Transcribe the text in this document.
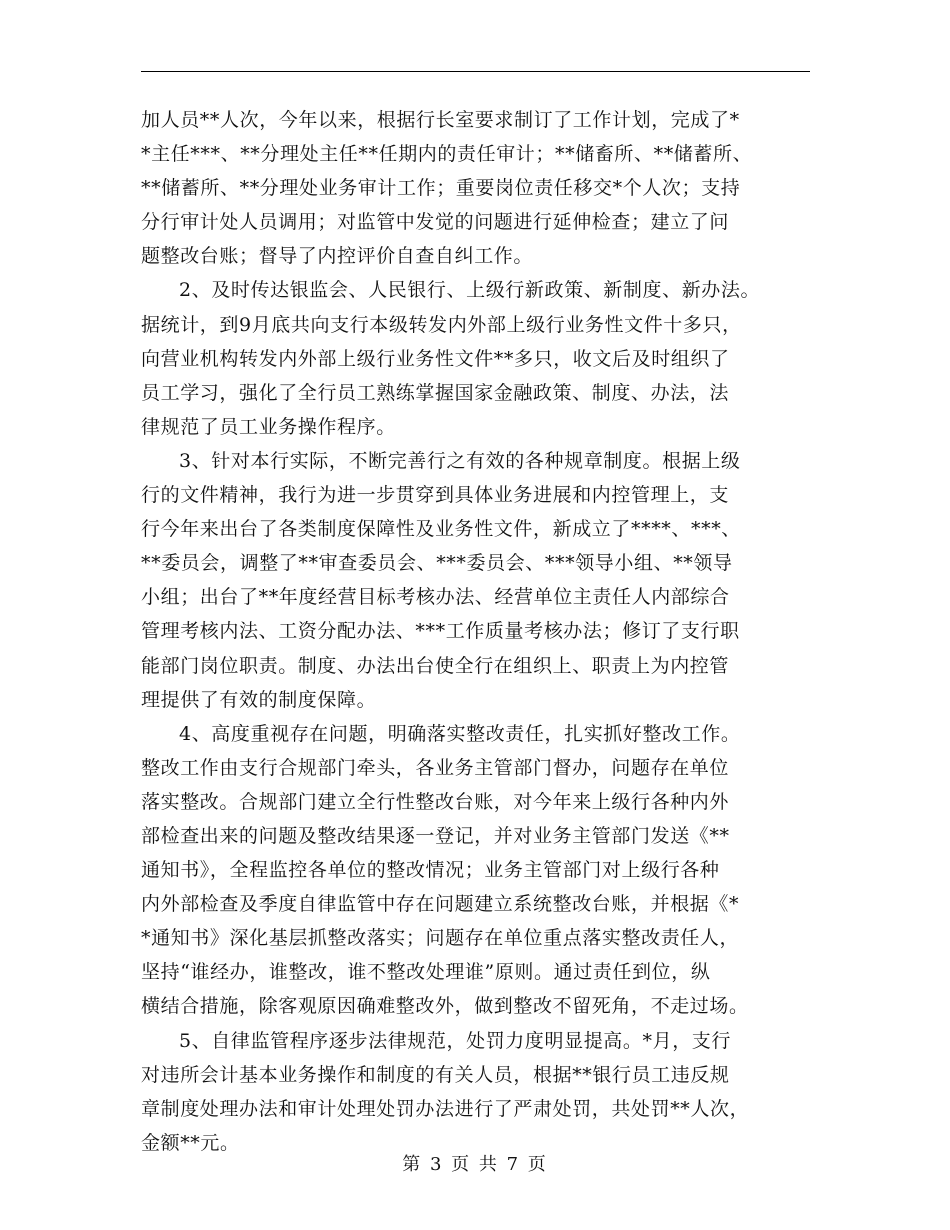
加人员**人次，今年以来，根据行长室要求制订了工作计划，完成了*
*主任***、**分理处主任**任期内的责任审计；**储畜所、**储蓄所、
**储蓄所、**分理处业务审计工作；重要岗位责任移交*个人次；支持
分行审计处人员调用；对监管中发觉的问题进行延伸检查；建立了问
题整改台账；督导了内控评价自查自纠工作。
2、及时传达银监会、人民银行、上级行新政策、新制度、新办法。
据统计，到9月底共向支行本级转发内外部上级行业务性文件十多只，
向营业机构转发内外部上级行业务性文件**多只，收文后及时组织了
员工学习，强化了全行员工熟练掌握国家金融政策、制度、办法，法
律规范了员工业务操作程序。
3、针对本行实际，不断完善行之有效的各种规章制度。根据上级
行的文件精神，我行为进一步贯穿到具体业务进展和内控管理上，支
行今年来出台了各类制度保障性及业务性文件，新成立了****、***、
**委员会，调整了**审查委员会、***委员会、***领导小组、**领导
小组；出台了**年度经营目标考核办法、经营单位主责任人内部综合
管理考核内法、工资分配办法、***工作质量考核办法；修订了支行职
能部门岗位职责。制度、办法出台使全行在组织上、职责上为内控管
理提供了有效的制度保障。
4、高度重视存在问题，明确落实整改责任，扎实抓好整改工作。
整改工作由支行合规部门牵头，各业务主管部门督办，问题存在单位
落实整改。合规部门建立全行性整改台账，对今年来上级行各种内外
部检查出来的问题及整改结果逐一登记，并对业务主管部门发送《**
通知书》，全程监控各单位的整改情况；业务主管部门对上级行各种
内外部检查及季度自律监管中存在问题建立系统整改台账，并根据《*
*通知书》深化基层抓整改落实；问题存在单位重点落实整改责任人，
坚持“谁经办，谁整改，谁不整改处理谁”原则。通过责任到位，纵
横结合措施，除客观原因确难整改外，做到整改不留死角，不走过场。
5、自律监管程序逐步法律规范，处罚力度明显提高。*月，支行
对违所会计基本业务操作和制度的有关人员，根据**银行员工违反规
章制度处理办法和审计处理处罚办法进行了严肃处罚，共处罚**人次，
金额**元。
第 3 页 共 7 页
